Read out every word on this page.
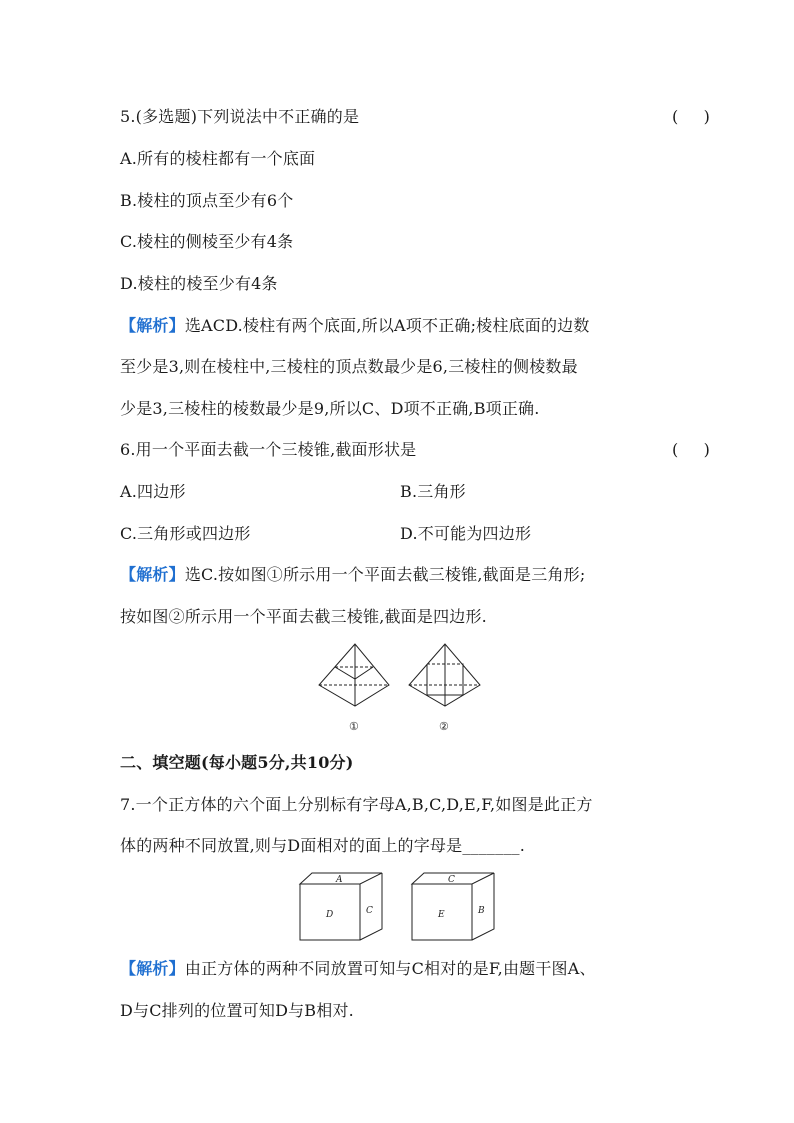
5.(多选题)下列说法中不正确的是	(     )
A.所有的棱柱都有一个底面
B.棱柱的顶点至少有6个
C.棱柱的侧棱至少有4条
D.棱柱的棱至少有4条
【解析】选ACD.棱柱有两个底面,所以A项不正确;棱柱底面的边数
至少是3,则在棱柱中,三棱柱的顶点数最少是6,三棱柱的侧棱数最
少是3,三棱柱的棱数最少是9,所以C、D项不正确,B项正确.
6.用一个平面去截一个三棱锥,截面形状是	(     )
A.四边形	B.三角形
C.三角形或四边形	D.不可能为四边形
【解析】选C.按如图①所示用一个平面去截三棱锥,截面是三角形;
按如图②所示用一个平面去截三棱锥,截面是四边形.
①	②
二、填空题(每小题5分,共10分)
7.一个正方体的六个面上分别标有字母A,B,C,D,E,F,如图是此正方
体的两种不同放置,则与D面相对的面上的字母是_______.
A
D	C
C
E	B
【解析】由正方体的两种不同放置可知与C相对的是F,由题干图A、
D与C排列的位置可知D与B相对.
